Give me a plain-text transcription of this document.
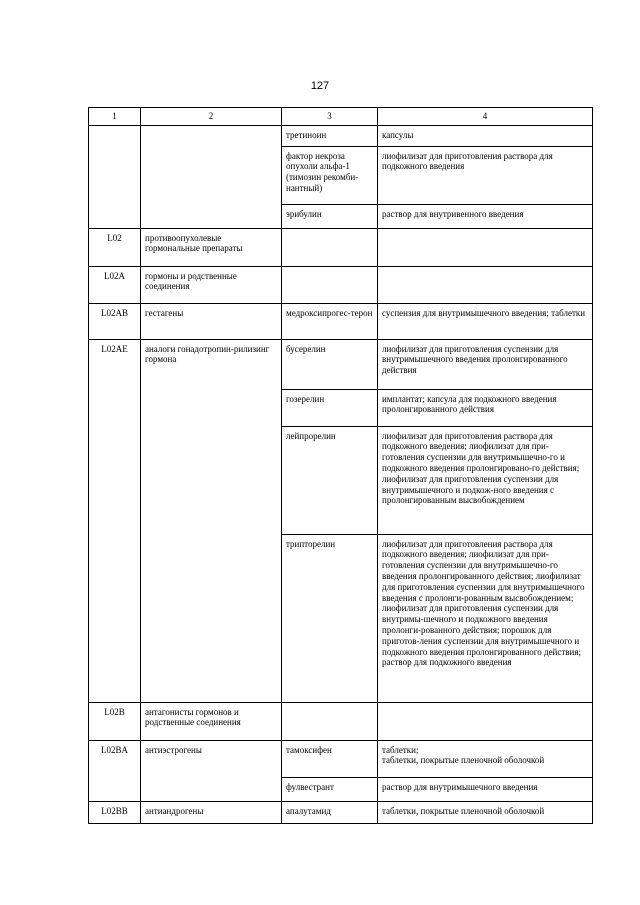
127
1	2	3	4
		третиноин	капсулы
		фактор некроза опухоли альфа-1 (тимозин рекомби-нантный)	лиофилизат для приготовления раствора для подкожного введения
		эрибулин	раствор для внутривенного введения
L02	противоопухолевые гормональные препараты		
L02A	гормоны и родственные соединения		
L02AB	гестагены	медроксипрогес-терон	суспензия для внутримышечного введения; таблетки
L02AE	аналоги гонадотропин-рилизинг гормона	бусерелин	лиофилизат для приготовления суспензии для внутримышечного введения пролонгированного действия
		гозерелин	имплантат; капсула для подкожного введения пролонгированного действия
		лейпрорелин	лиофилизат для приготовления раствора для подкожного введения; лиофилизат для при-готовления суспензии для внутримышечно-го и подкожного введения пролонгировано-го действия; лиофилизат для приготовления суспензии для внутримышечного и подкож-ного введения с пролонгированным высвобождением
		трипторелин	лиофилизат для приготовления раствора для подкожного введения; лиофилизат для при-готовления суспензии для внутримышечно-го введения пролонгированного действия; лиофилизат для приготовления суспензии для внутримышечного введения с пролонги-рованным высвобождением; лиофилизат для приготовления суспензии для внутримы-шечного и подкожного введения пролонги-рованного действия; порошок для приготов-ления суспензии для внутримышечного и подкожного введения пролонгированного действия; раствор для подкожного введения
L02B	антагонисты гормонов и родственные соединения		
L02BA	антиэстрогены	тамоксифен	таблетки;
таблетки, покрытые пленочной оболочкой
		фулвестрант	раствор для внутримышечного введения
L02BB	антиандрогены	апалутамид	таблетки, покрытые пленочной оболочкой
